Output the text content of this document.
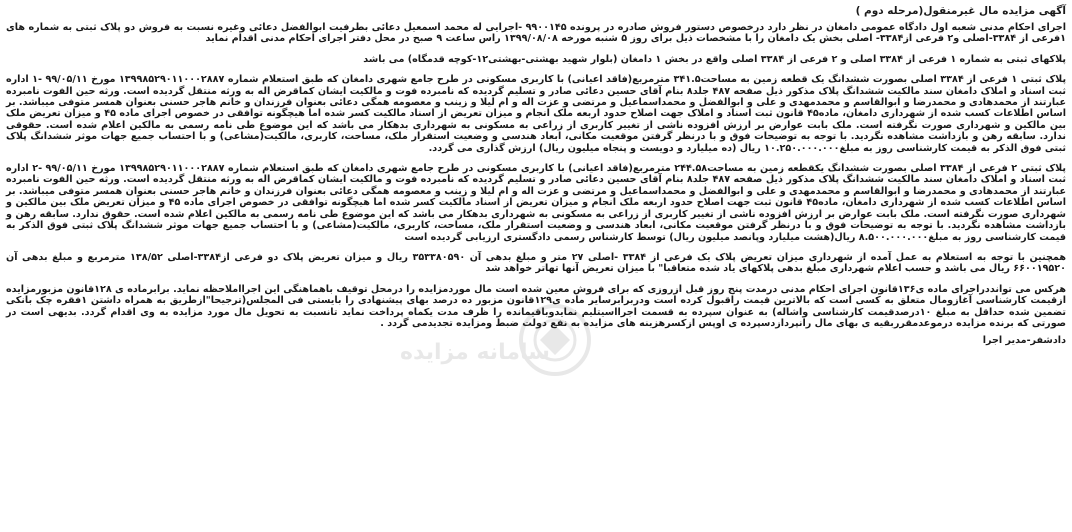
آگهی مزایده مال غیرمنقول(مرحله دوم )

اجرای احکام مدنی شعبه اول دادگاه عمومی دامغان در نظر دارد درخصوص دستور فروش صادره در پرونده ۹۹۰۰۱۴۵ -اجرایی له محمد اسمعیل دعائی بطرفیت ابوالفضل دعائی وغیره نسبت به فروش دو پلاک ثبتی به شماره های ۱فرعی از ۳۳۸۴-اصلی و۲ فرعی از۳۳۸۴- اصلی بخش یک دامغان را با مشخصات ذیل برای روز ۵ شنبه مورخه ۱۳۹۹/۰۸/۰۸ راس ساعت ۹ صبح در محل دفتر اجرای احکام مدنی اقدام نماید

پلاکهای ثبتی به شماره ۱ فرعی از ۳۳۸۴ اصلی و ۲ فرعی از ۳۳۸۴ اصلی واقع در بخش ۱ دامغان (بلوار شهید بهشتی-بهشتی۱۲-کوچه قدمگاه) می باشد

پلاک ثبتی ۱ فرعی از ۳۳۸۴ اصلی بصورت ششدانگ یک قطعه زمین به مساحت۳۴۱.۵ مترمربع(فاقد اعیانی) با کاربری مسکونی در طرح جامع شهری دامغان که طبق استعلام شماره ۱۳۹۹۸۵۲۹۰۱۱۰۰۰۲۸۸۷ مورخ ۹۹/۰۵/۱۱ -۱ اداره ثبت اسناد و املاک دامغان سند مالکیت ششدانگ پلاک مذکور ذیل صفحه ۴۸۷ جلد۸ بنام آقای حسین دعائی صادر و تسلیم گردیده که نامبرده فوت و مالکیت ایشان کماقرض اله به ورثه منتقل گردیده است. ورثه حین الفوت نامبرده عبارتند از محمدهادی و محمدرضا و ابوالقاسم و محمدمهدی و علی و ابوالفضل و محمداسماعیل و مرتضی و عزت اله و ام لیلا و زینب و معصومه همگی دعائی بعنوان فرزندان و خانم هاجر حسنی بعنوان همسر متوفی میباشد. بر اساس اطلاعات کسب شده از شهرداری دامغان، ماده۴۵ قانون ثبت اسناد و املاک جهت اصلاح حدود اربعه ملک انجام و میزان تعریض از اسناد مالکیت کسر شده اما هیچگونه توافقی در خصوص اجرای ماده ۴۵ و میزان تعریض ملک بین مالکین و شهرداری صورت نگرفته است. ملک بابت عوارض بر ارزش افزوده ناشی از تغییر کاربری از زراعی به مسکونی به شهرداری بدهکار می باشد که این موضوع طی نامه رسمی به مالکین اعلام شده است. حقوقی ندارد. سابقه رهن و بازداشت مشاهده نگردید. با توجه به توضیحات فوق و با درنظر گرفتن موقعیت مکانی، ابعاد هندسی و وضعیت استقرار ملک، مساحت، کاربری، مالکیت(مشاعی) و با احتساب جمیع جهات موثر ششدانگ پلاک ثبتی فوق الذکر به قیمت کارشناسی روز به مبلغ۱۰.۲۵۰.۰۰۰.۰۰۰ ریال (ده میلیارد و دویست و پنجاه میلیون ریال) ارزش گذاری می گردد.

پلاک ثبتی ۲ فرعی از ۳۳۸۴ اصلی بصورت ششدانگ یکقطعه زمین به مساحت۲۴۴.۵۸ مترمربع(فاقد اعیانی) با کاربری مسکونی در طرح جامع شهری دامغان که طبق استعلام شماره ۱۳۹۹۸۵۲۹۰۱۱۰۰۰۲۸۸۷ مورخ ۹۹/۰۵/۱۱ -۲ اداره ثبت اسناد و املاک دامغان سند مالکیت ششدانگ پلاک مذکور ذیل صفحه ۴۸۷ جلد۸ بنام آقای حسین دعائی صادر و تسلیم گردیده که نامبرده فوت و مالکیت ایشان کماقرض اله به ورثه منتقل گردیده است. ورثه حین الفوت نامبرده عبارتند از محمدهادی و محمدرضا و ابوالقاسم و محمدمهدی و علی و ابوالفضل و محمداسماعیل و مرتضی و عزت اله و ام لیلا و زینب و معصومه همگی دعائی بعنوان فرزندان و خانم هاجر حسنی بعنوان همسر متوفی میباشد. بر اساس اطلاعات کسب شده از شهرداری دامغان، ماده۴۵ قانون ثبت جهت اصلاح حدود اربعه ملک انجام و میزان تعریض از اسناد مالکیت کسر شده اما هیچگونه توافقی در خصوص اجرای ماده ۴۵ و میزان تعریض ملک بین مالکین و شهرداری صورت نگرفته است. ملک بابت عوارض بر ارزش افزوده ناشی از تغییر کاربری از زراعی به مسکونی به شهرداری بدهکار می باشد که این موضوع طی نامه رسمی به مالکین اعلام شده است. حقوق ندارد. سابقه رهن و بازداشت مشاهده نگردید. با توجه به توضیحات فوق و با درنظر گرفتن موقعیت مکانی، ابعاد هندسی و وضعیت استقرار ملک، مساحت، کاربری، مالکیت(مشاعی) و با احتساب جمیع جهات موثر ششدانگ پلاک ثبتی فوق الذکر به قیمت کارشناسی روز به مبلغ۸.۵۰۰.۰۰۰.۰۰۰ ریال(هشت میلیارد وپانصد میلیون ریال) توسط کارشناس رسمی دادگستری ارزیابی گردیده است

همچنین با توجه به استعلام به عمل آمده از شهرداری میزان تعریض پلاک یک فرعی از ۳۳۸۴ -اصلی ۲۷ متر و مبلغ بدهی آن ۳۵۳۳۸۰۵۹۰ ریال و میزان تعریض پلاک دو فرعی از۳۳۸۴-اصلی ۱۳۸/۵۲ مترمربع و مبلغ بدهی آن ۶۶۰۰۱۹۵۲۰ ریال می باشد و حسب اعلام شهرداری مبلغ بدهی پلاکهای یاد شده متعاقبا" با میزان تعریض آنها تهاتر خواهد شد

هرکس می توانددراجرای ماده ی۱۳۶قانون اجرای احکام مدنی درمدت پنج روز قبل ازروزی که برای فروش معین شده است مال موردمزایده را درمحل توقیف باهماهنگی این اجرااملاحظه نماید. برابرماده ی ۱۲۸قانون مزبورمزایده ازقیمت کارشناسی آغازومال متعلق به کسی است که بالاترین قیمت راقبول کرده است ودربرابرسایر ماده ی۱۲۹قانون مزبور ده درصد بهای پیشنهادی را بایستی فی المجلس(ترجیحا"ازطریق به همراه داشتن ۱فقره چک بانکی تضمین شده حداقل به مبلغ ۱۰درصدقیمت کارشناسی واشاله) به عنوان سپرده به قسمت اجرااسیتلیم نمایدوباقیمانده را ظرف مدت یکماه پرداخت نماید تانسبت به تحویل مال مورد مزایده به وی اقدام گردد. بدیهی است در صورتی که برنده مزایده درموعدمقرربقیه ی بهای مال رانپردازدسپرده ی اوپس ازکسرهزینه های مزایده به نفع دولت ضبط ومزایده تجدیدمی گردد .

دادشفر-مدیر اجرا
سامانه مزایده
